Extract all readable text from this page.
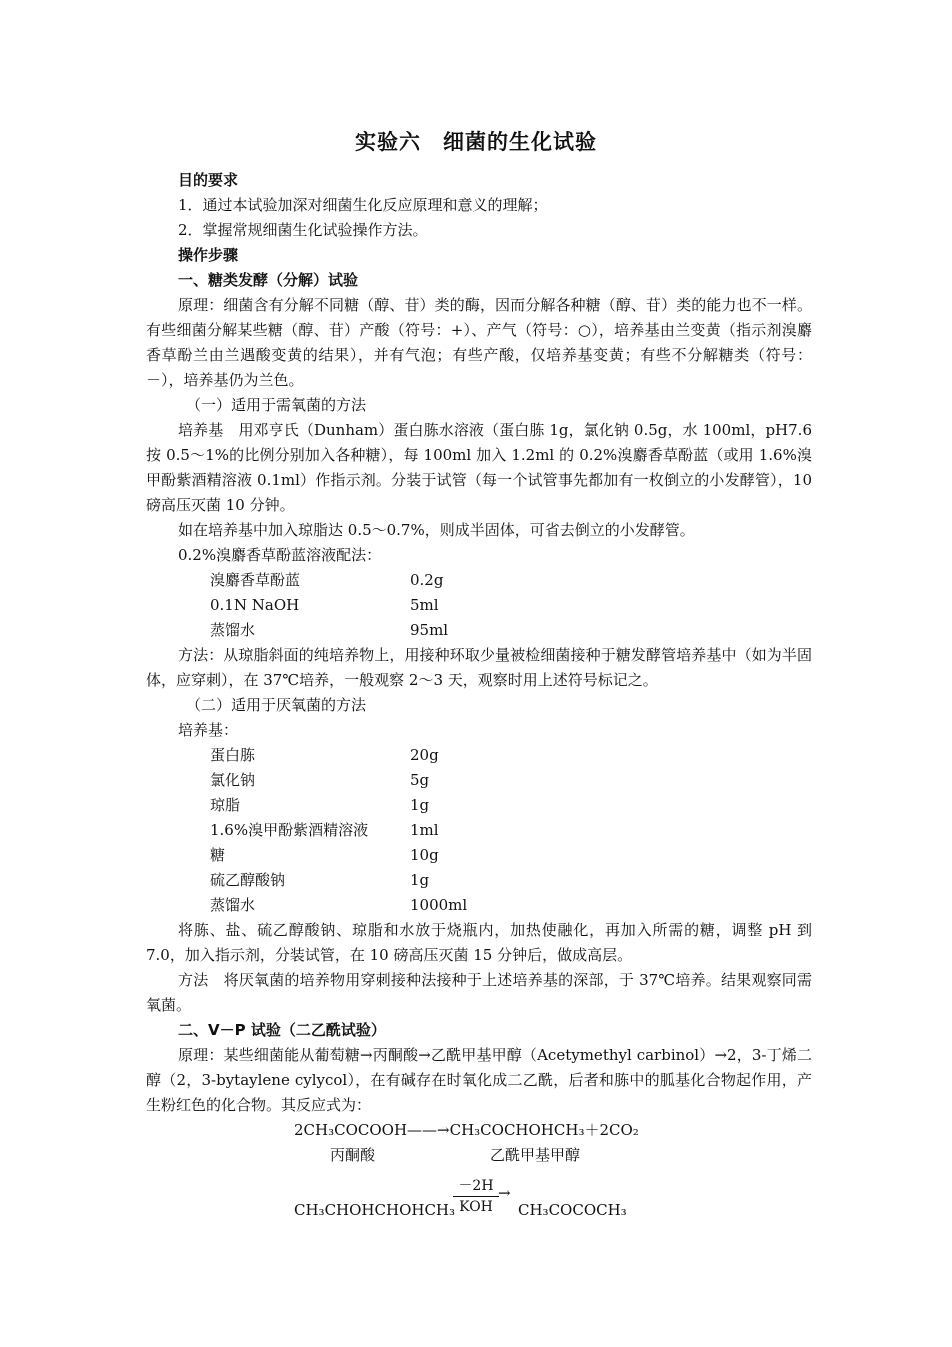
实验六　细菌的生化试验

目的要求

1．通过本试验加深对细菌生化反应原理和意义的理解；

2．掌握常规细菌生化试验操作方法。

操作步骤

一、糖类发酵（分解）试验

原理：细菌含有分解不同糖（醇、苷）类的酶，因而分解各种糖（醇、苷）类的能力也不一样。有些细菌分解某些糖（醇、苷）产酸（符号：+）、产气（符号：○），培养基由兰变黄（指示剂溴麝香草酚兰由兰遇酸变黄的结果），并有气泡；有些产酸，仅培养基变黄；有些不分解糖类（符号：－），培养基仍为兰色。

（一）适用于需氧菌的方法

培养基　用邓亨氏（Dunham）蛋白胨水溶液（蛋白胨 1g，氯化钠 0.5g，水 100ml，pH7.6 按 0.5～1%的比例分别加入各种糖），每 100ml 加入 1.2ml 的 0.2%溴麝香草酚蓝（或用 1.6%溴甲酚紫酒精溶液 0.1ml）作指示剂。分装于试管（每一个试管事先都加有一枚倒立的小发酵管），10 磅高压灭菌 10 分钟。

如在培养基中加入琼脂达 0.5～0.7%，则成半固体，可省去倒立的小发酵管。

0.2%溴麝香草酚蓝溶液配法：

溴麝香草酚蓝	0.2g
0.1N NaOH	5ml
蒸馏水	95ml

方法：从琼脂斜面的纯培养物上，用接种环取少量被检细菌接种于糖发酵管培养基中（如为半固体，应穿刺），在 37℃培养，一般观察 2～3 天，观察时用上述符号标记之。

（二）适用于厌氧菌的方法

培养基：

蛋白胨	20g
氯化钠	5g
琼脂	1g
1.6%溴甲酚紫酒精溶液	1ml
糖	10g
硫乙醇酸钠	1g
蒸馏水	1000ml

将胨、盐、硫乙醇酸钠、琼脂和水放于烧瓶内，加热使融化，再加入所需的糖，调整 pH 到 7.0，加入指示剂，分装试管，在 10 磅高压灭菌 15 分钟后，做成高层。

方法　将厌氧菌的培养物用穿刺接种法接种于上述培养基的深部，于 37℃培养。结果观察同需氧菌。

二、V－P 试验（二乙酰试验）

原理：某些细菌能从葡萄糖→丙酮酸→乙酰甲基甲醇（Acetymethyl carbinol）→2，3-丁烯二醇（2，3-bytaylene cylycol），在有碱存在时氧化成二乙酰，后者和胨中的胍基化合物起作用，产生粉红色的化合物。其反应式为：

2CH₃COCOOH——→CH₃COCHOHCH₃＋2CO₂

丙酮酸	乙酰甲基甲醇
CH₃CHOHCHOHCH₃
－2H
KOH
→
CH₃COCOCH₃
